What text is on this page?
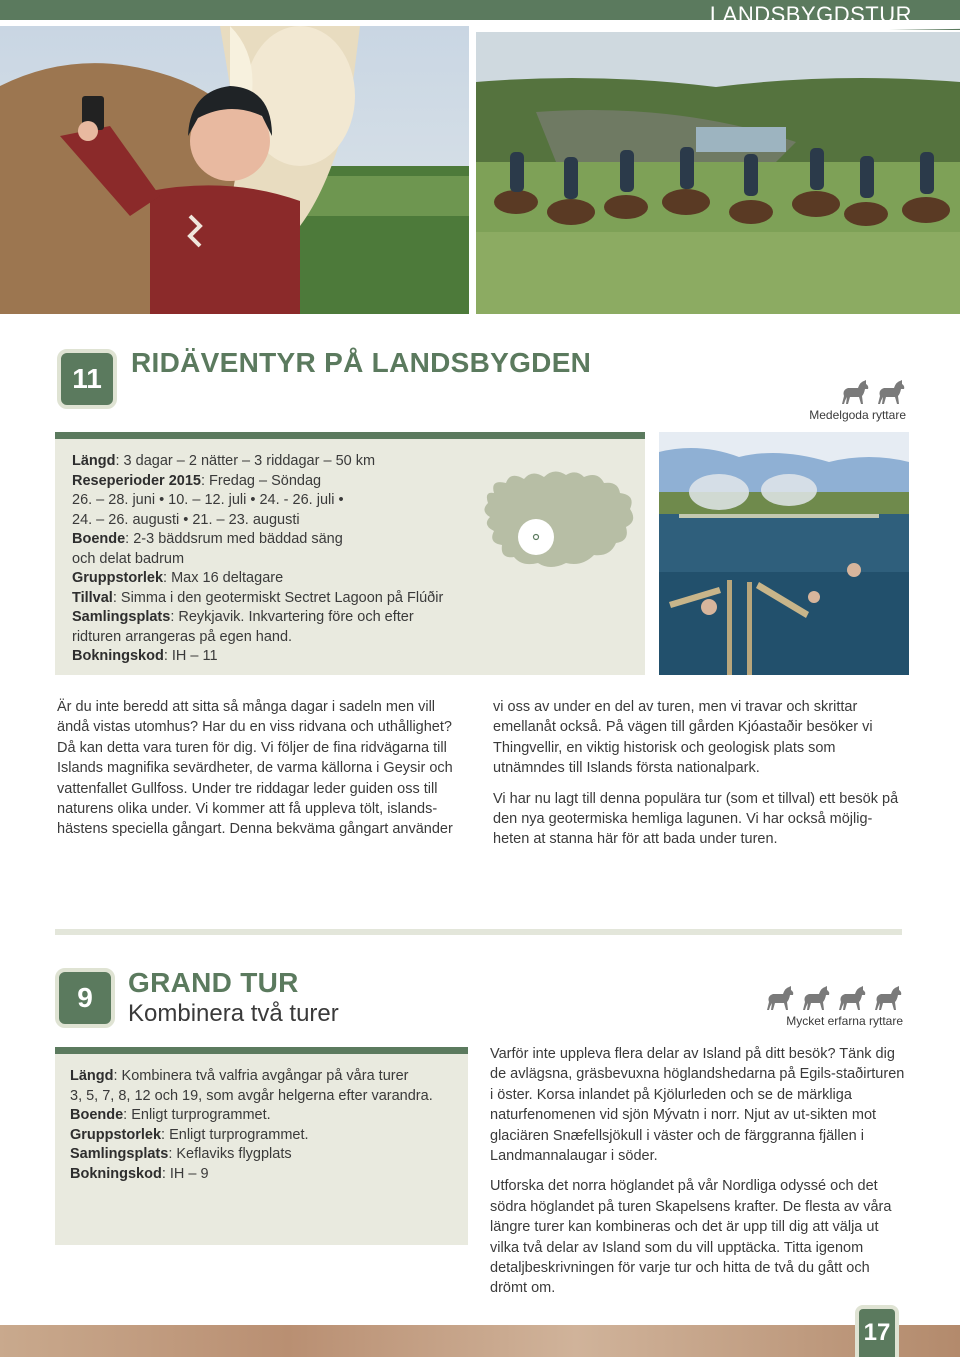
LANDSBYGDSTUR
11
RIDÄVENTYR PÅ LANDSBYGDEN
Medelgoda ryttare
Längd: 3 dagar – 2 nätter – 3 riddagar – 50 km
Reseperioder 2015: Fredag – Söndag
26. – 28. juni • 10. – 12. juli • 24. - 26. juli •
24. – 26. augusti • 21. – 23. augusti
Boende: 2-3 bäddsrum med bäddad säng
och delat badrum
Gruppstorlek: Max 16 deltagare
Tillval: Simma i den geotermiskt Sectret Lagoon på Flúðir
Samlingsplats: Reykjavik. Inkvartering före och efter
ridturen arrangeras på egen hand.
Bokningskod: IH – 11
Är du inte beredd att sitta så många dagar i sadeln men vill ändå vistas utomhus? Har du en viss ridvana och uthållighet? Då kan detta vara turen för dig. Vi följer de fina ridvägarna till Islands magnifika sevärdheter, de varma källorna i Geysir och vattenfallet Gullfoss. Under tre riddagar leder guiden oss till naturens olika under. Vi kommer att få uppleva tölt, islands-hästens speciella gångart. Denna bekväma gångart använder

vi oss av under en del av turen, men vi travar och skrittar emellanåt också. På vägen till gården Kjóastaðir besöker vi Thingvellir, en viktig historisk och geologisk plats som utnämndes till Islands första nationalpark.

Vi har nu lagt till denna populära tur (som et tillval) ett besök på den nya geotermiska hemliga lagunen. Vi har också möjlig-heten at stanna här för att bada under turen.

9	GRAND TUR
Kombinera två turer	Mycket erfarna ryttare
Längd: Kombinera två valfria avgångar på våra turer
3, 5, 7, 8, 12 och 19, som avgår helgerna efter varandra.
Boende: Enligt turprogrammet.
Gruppstorlek: Enligt turprogrammet.
Samlingsplats: Keflaviks flygplats
Bokningskod: IH – 9

Varför inte uppleva flera delar av Island på ditt besök? Tänk dig de avlägsna, gräsbevuxna höglandshedarna på Egils-staðirturen i öster. Korsa inlandet på Kjölurleden och se de märkliga naturfenomenen vid sjön Mývatn i norr. Njut av ut-sikten mot glaciären Snæfellsjökull i väster och de färggranna fjällen i Landmannalaugar i söder.

Utforska det norra höglandet på vår Nordliga odyssé och det södra höglandet på turen Skapelsens krafter. De flesta av våra längre turer kan kombineras och det är upp till dig att välja ut vilka två delar av Island som du vill upptäcka. Titta igenom detaljbeskrivningen för varje tur och hitta de två du gått och drömt om.

17
